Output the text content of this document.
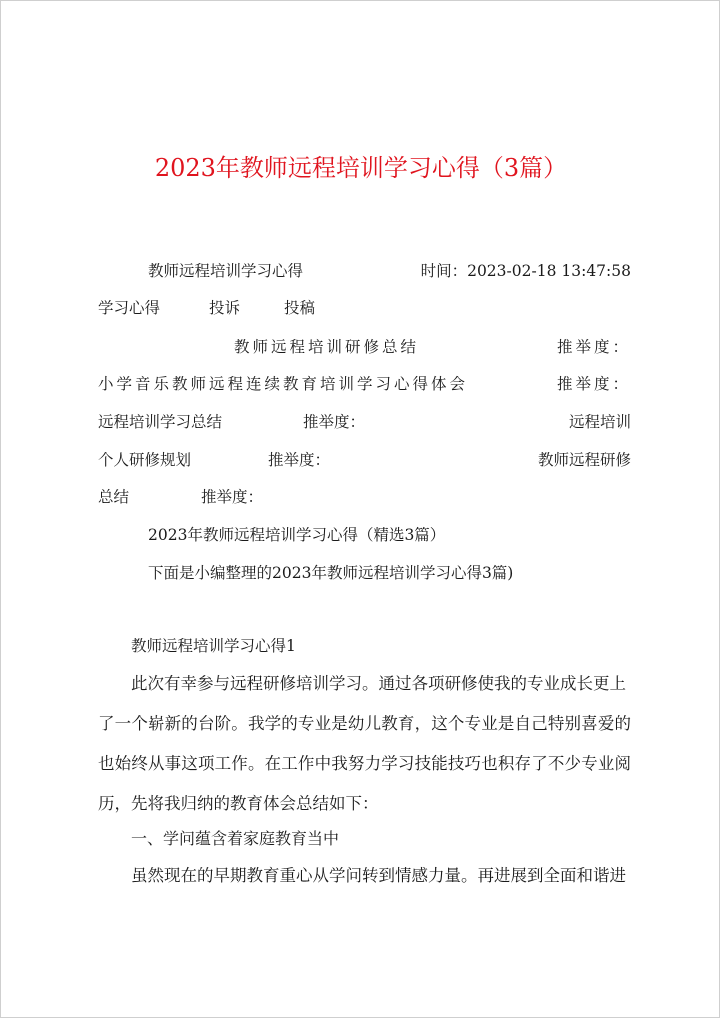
2023年教师远程培训学习心得（3篇）
教师远程培训学习心得	时间：2023-02-18 13:47:58
学习心得	投诉	投稿
教师远程培训研修总结	推举度：
小学音乐教师远程连续教育培训学习心得体会	推举度：
远程培训学习总结	推举度：	远程培训
个人研修规划	推举度：	教师远程研修
总结	推举度：
2023年教师远程培训学习心得（精选3篇）
下面是小编整理的2023年教师远程培训学习心得3篇)
教师远程培训学习心得1
此次有幸参与远程研修培训学习。通过各项研修使我的专业成长更上
了一个崭新的台阶。我学的专业是幼儿教育，这个专业是自己特别喜爱的
也始终从事这项工作。在工作中我努力学习技能技巧也积存了不少专业阅
历，先将我归纳的教育体会总结如下：
一、学问蕴含着家庭教育当中
虽然现在的早期教育重心从学问转到情感力量。再进展到全面和谐进
